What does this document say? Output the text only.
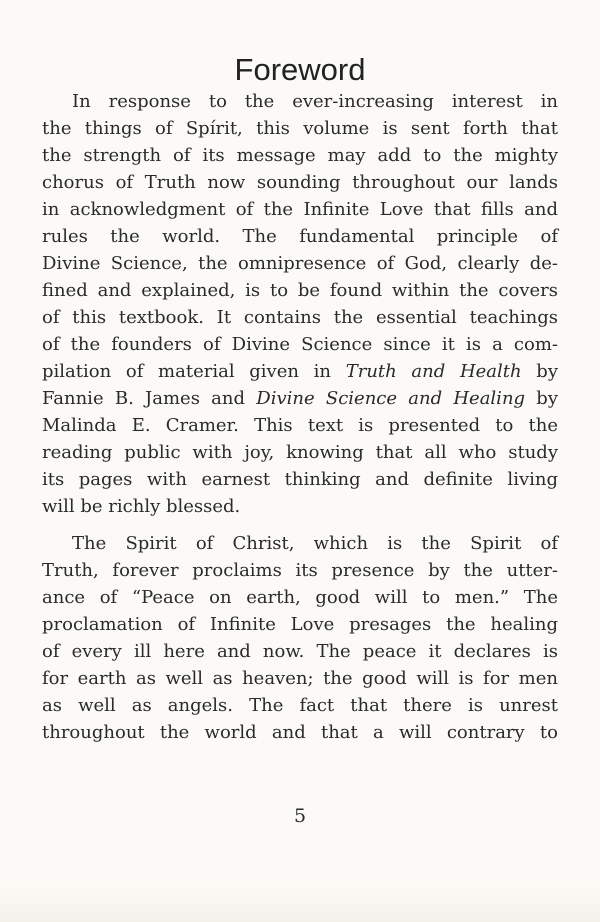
Foreword
In response to the ever-increasing interest in
the things of Spírit, this volume is sent forth that
the strength of its message may add to the mighty
chorus of Truth now sounding throughout our lands
in acknowledgment of the Infinite Love that fills and
rules the world. The fundamental principle of
Divine Science, the omnipresence of God, clearly de-
fined and explained, is to be found within the covers
of this textbook. It contains the essential teachings
of the founders of Divine Science since it is a com-
pilation of material given in Truth and Health by
Fannie B. James and Divine Science and Healing by
Malinda E. Cramer. This text is presented to the
reading public with joy, knowing that all who study
its pages with earnest thinking and definite living
will be richly blessed.
The Spirit of Christ, which is the Spirit of
Truth, forever proclaims its presence by the utter-
ance of “Peace on earth, good will to men.” The
proclamation of Infinite Love presages the healing
of every ill here and now. The peace it declares is
for earth as well as heaven; the good will is for men
as well as angels. The fact that there is unrest
throughout the world and that a will contrary to
5
